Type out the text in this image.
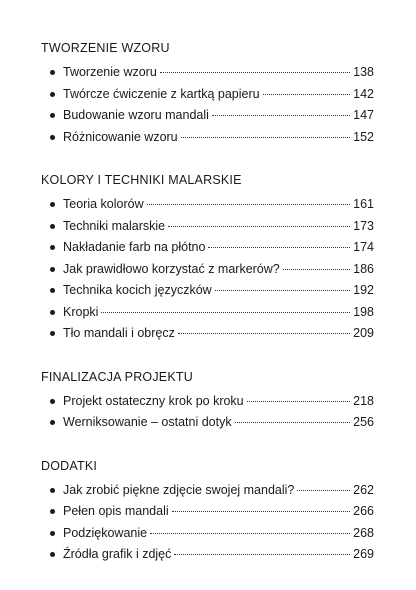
TWORZENIE WZORU
Tworzenie wzoru	138
Twórcze ćwiczenie z kartką papieru	142
Budowanie wzoru mandali	147
Różnicowanie wzoru	152
KOLORY I TECHNIKI MALARSKIE
Teoria kolorów	161
Techniki malarskie	173
Nakładanie farb na płótno	174
Jak prawidłowo korzystać z markerów?	186
Technika kocich języczków	192
Kropki	198
Tło mandali i obręcz	209
FINALIZACJA PROJEKTU
Projekt ostateczny krok po kroku	218
Werniksowanie – ostatni dotyk	256
DODATKI
Jak zrobić piękne zdjęcie swojej mandali?	262
Pełen opis mandali	266
Podziękowanie	268
Źródła grafik i zdjęć	269
